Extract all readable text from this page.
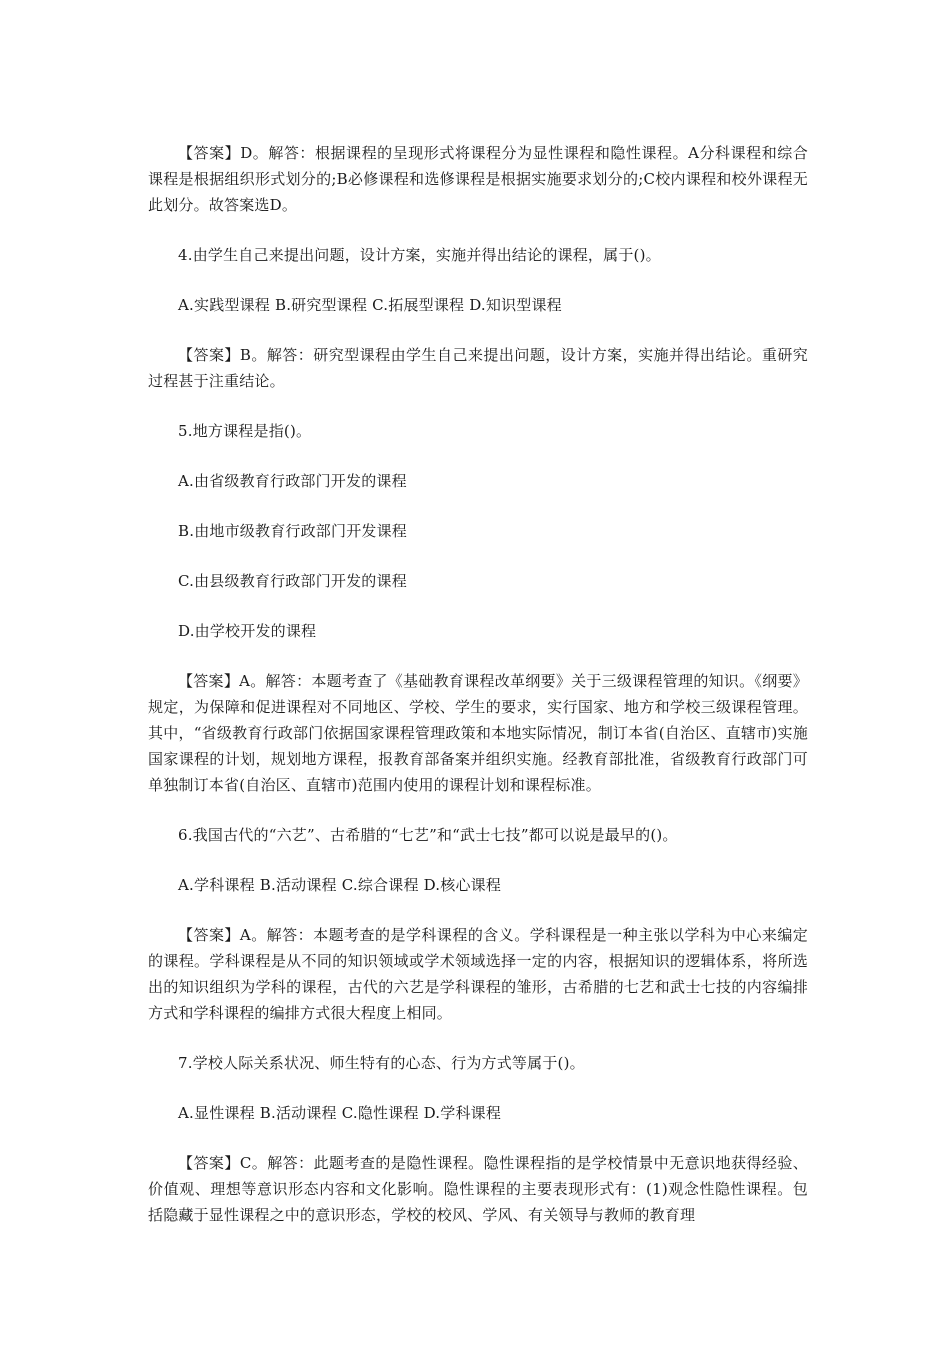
【答案】D。解答：根据课程的呈现形式将课程分为显性课程和隐性课程。A分科课程和综合课程是根据组织形式划分的;B必修课程和选修课程是根据实施要求划分的;C校内课程和校外课程无此划分。故答案选D。

4.由学生自己来提出问题，设计方案，实施并得出结论的课程，属于()。

A.实践型课程 B.研究型课程 C.拓展型课程 D.知识型课程

【答案】B。解答：研究型课程由学生自己来提出问题，设计方案，实施并得出结论。重研究过程甚于注重结论。

5.地方课程是指()。

A.由省级教育行政部门开发的课程

B.由地市级教育行政部门开发课程

C.由县级教育行政部门开发的课程

D.由学校开发的课程

【答案】A。解答：本题考查了《基础教育课程改革纲要》关于三级课程管理的知识。《纲要》规定，为保障和促进课程对不同地区、学校、学生的要求，实行国家、地方和学校三级课程管理。其中，“省级教育行政部门依据国家课程管理政策和本地实际情况，制订本省(自治区、直辖市)实施国家课程的计划，规划地方课程，报教育部备案并组织实施。经教育部批准，省级教育行政部门可单独制订本省(自治区、直辖市)范围内使用的课程计划和课程标准。

6.我国古代的“六艺”、古希腊的“七艺”和“武士七技”都可以说是最早的()。

A.学科课程 B.活动课程 C.综合课程 D.核心课程

【答案】A。解答：本题考查的是学科课程的含义。学科课程是一种主张以学科为中心来编定的课程。学科课程是从不同的知识领域或学术领域选择一定的内容，根据知识的逻辑体系，将所选出的知识组织为学科的课程，古代的六艺是学科课程的雏形，古希腊的七艺和武士七技的内容编排方式和学科课程的编排方式很大程度上相同。

7.学校人际关系状况、师生特有的心态、行为方式等属于()。

A.显性课程 B.活动课程 C.隐性课程 D.学科课程

【答案】C。解答：此题考查的是隐性课程。隐性课程指的是学校情景中无意识地获得经验、价值观、理想等意识形态内容和文化影响。隐性课程的主要表现形式有：(1)观念性隐性课程。包括隐藏于显性课程之中的意识形态，学校的校风、学风、有关领导与教师的教育理
